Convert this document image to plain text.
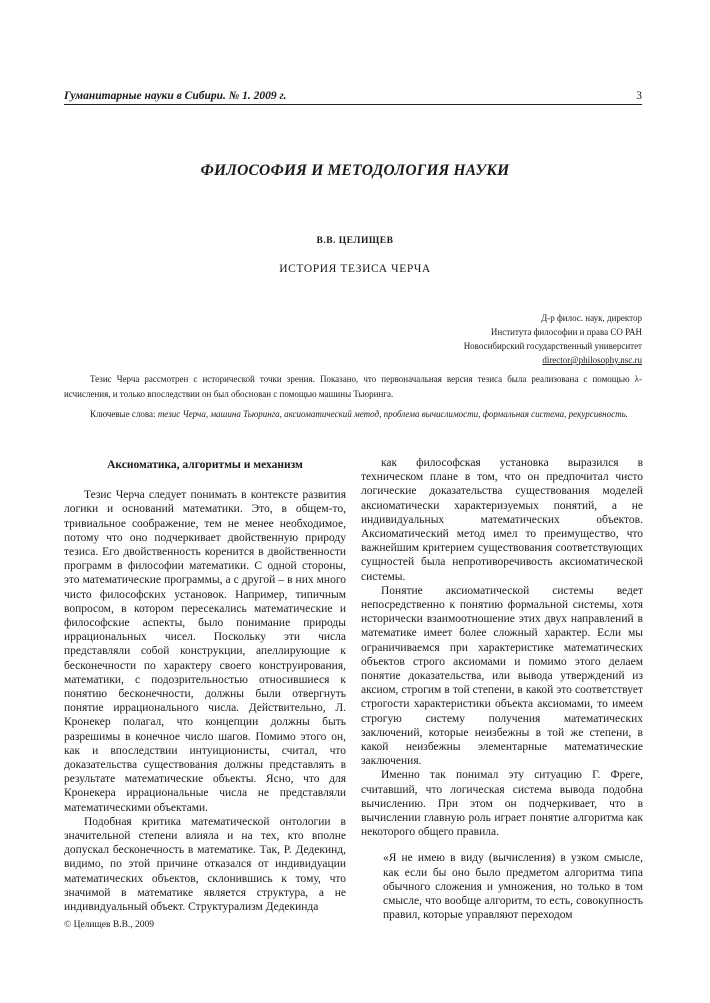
Гуманитарные науки в Сибири. № 1. 2009 г.	3
ФИЛОСОФИЯ И МЕТОДОЛОГИЯ НАУКИ
В.В. ЦЕЛИЩЕВ
ИСТОРИЯ ТЕЗИСА ЧЕРЧА
Д-р филос. наук, директор
Института философии и права СО РАН
Новосибирский государственный университет
director@philosophy.nsc.ru
Тезис Черча рассмотрен с исторической точки зрения. Показано, что первоначальная версия тезиса была реализована с помощью λ-исчисления, и только впоследствии он был обоснован с помощью машины Тьюринга.
Ключевые слова: тезис Черча, машина Тьюринга, аксиоматический метод, проблема вычислимости, формальная система, рекурсивность.
Аксиоматика, алгоритмы и механизм

Тезис Черча следует понимать в контексте развития логики и оснований математики. Это, в общем-то, тривиальное соображение, тем не менее необходимое, потому что оно подчеркивает двойственную природу тезиса. Его двойственность коренится в двойственности программ в философии математики. С одной стороны, это математические программы, а с другой – в них много чисто философских установок. Например, типичным вопросом, в котором пересекались математические и философские аспекты, было понимание природы иррациональных чисел. Поскольку эти числа представляли собой конструкции, апеллирующие к бесконечности по характеру своего конструирования, математики, с подозрительностью относившиеся к понятию бесконечности, должны были отвергнуть понятие иррационального числа. Действительно, Л. Кронекер полагал, что концепции должны быть разрешимы в конечное число шагов. Помимо этого он, как и впоследствии интуиционисты, считал, что доказательства существования должны представлять в результате математические объекты. Ясно, что для Кронекера иррациональные числа не представляли математическими объектами.

Подобная критика математической онтологии в значительной степени влияла и на тех, кто вполне допускал бесконечность в математике. Так, Р. Дедекинд, видимо, по этой причине отказался от индивидуации математических объектов, склонившись к тому, что значимой в математике является структура, а не индивидуальный объект. Структурализм Дедекинда

как философская установка выразился в техническом плане в том, что он предпочитал чисто логические доказательства существования моделей аксиоматически характеризуемых понятий, а не индивидуальных математических объектов. Аксиоматический метод имел то преимущество, что важнейшим критерием существования соответствующих сущностей была непротиворечивость аксиоматической системы.

Понятие аксиоматической системы ведет непосредственно к понятию формальной системы, хотя исторически взаимоотношение этих двух направлений в математике имеет более сложный характер. Если мы ограничиваемся при характеристике математических объектов строго аксиомами и помимо этого делаем понятие доказательства, или вывода утверждений из аксиом, строгим в той степени, в какой это соответствует строгости характеристики объекта аксиомами, то имеем строгую систему получения математических заключений, которые неизбежны в той же степени, в какой неизбежны элементарные математические заключения.

Именно так понимал эту ситуацию Г. Фреге, считавший, что логическая система вывода подобна вычислению. При этом он подчеркивает, что в вычислении главную роль играет понятие алгоритма как некоторого общего правила.

«Я не имею в виду (вычисления) в узком смысле, как если бы оно было предметом алгоритма типа обычного сложения и умножения, но только в том смысле, что вообще алгоритм, то есть, совокупность правил, которые управляют переходом

© Целищев В.В., 2009
